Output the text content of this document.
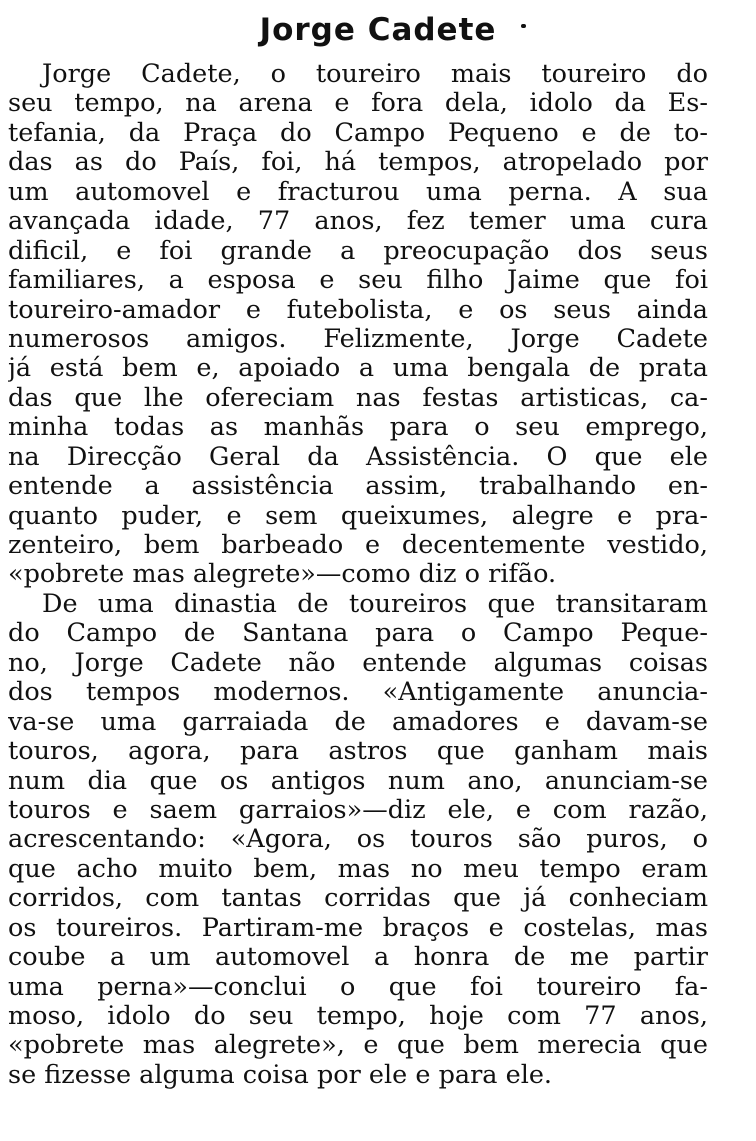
Jorge Cadete
Jorge Cadete, o toureiro mais toureiro do
seu tempo, na arena e fora dela, idolo da Es-
tefania, da Praça do Campo Pequeno e de to-
das as do País, foi, há tempos, atropelado por
um automovel e fracturou uma perna. A sua
avançada idade, 77 anos, fez temer uma cura
dificil, e foi grande a preocupação dos seus
familiares, a esposa e seu filho Jaime que foi
toureiro-amador e futebolista, e os seus ainda
numerosos amigos. Felizmente, Jorge Cadete
já está bem e, apoiado a uma bengala de prata
das que lhe ofereciam nas festas artisticas, ca-
minha todas as manhãs para o seu emprego,
na Direcção Geral da Assistência. O que ele
entende a assistência assim, trabalhando en-
quanto puder, e sem queixumes, alegre e pra-
zenteiro, bem barbeado e decentemente vestido,
«pobrete mas alegrete»—como diz o rifão.
De uma dinastia de toureiros que transitaram
do Campo de Santana para o Campo Peque-
no, Jorge Cadete não entende algumas coisas
dos tempos modernos. «Antigamente anuncia-
va-se uma garraiada de amadores e davam-se
touros, agora, para astros que ganham mais
num dia que os antigos num ano, anunciam-se
touros e saem garraios»—diz ele, e com razão,
acrescentando: «Agora, os touros são puros, o
que acho muito bem, mas no meu tempo eram
corridos, com tantas corridas que já conheciam
os toureiros. Partiram-me braços e costelas, mas
coube a um automovel a honra de me partir
uma perna»—conclui o que foi toureiro fa-
moso, idolo do seu tempo, hoje com 77 anos,
«pobrete mas alegrete», e que bem merecia que
se fizesse alguma coisa por ele e para ele.
